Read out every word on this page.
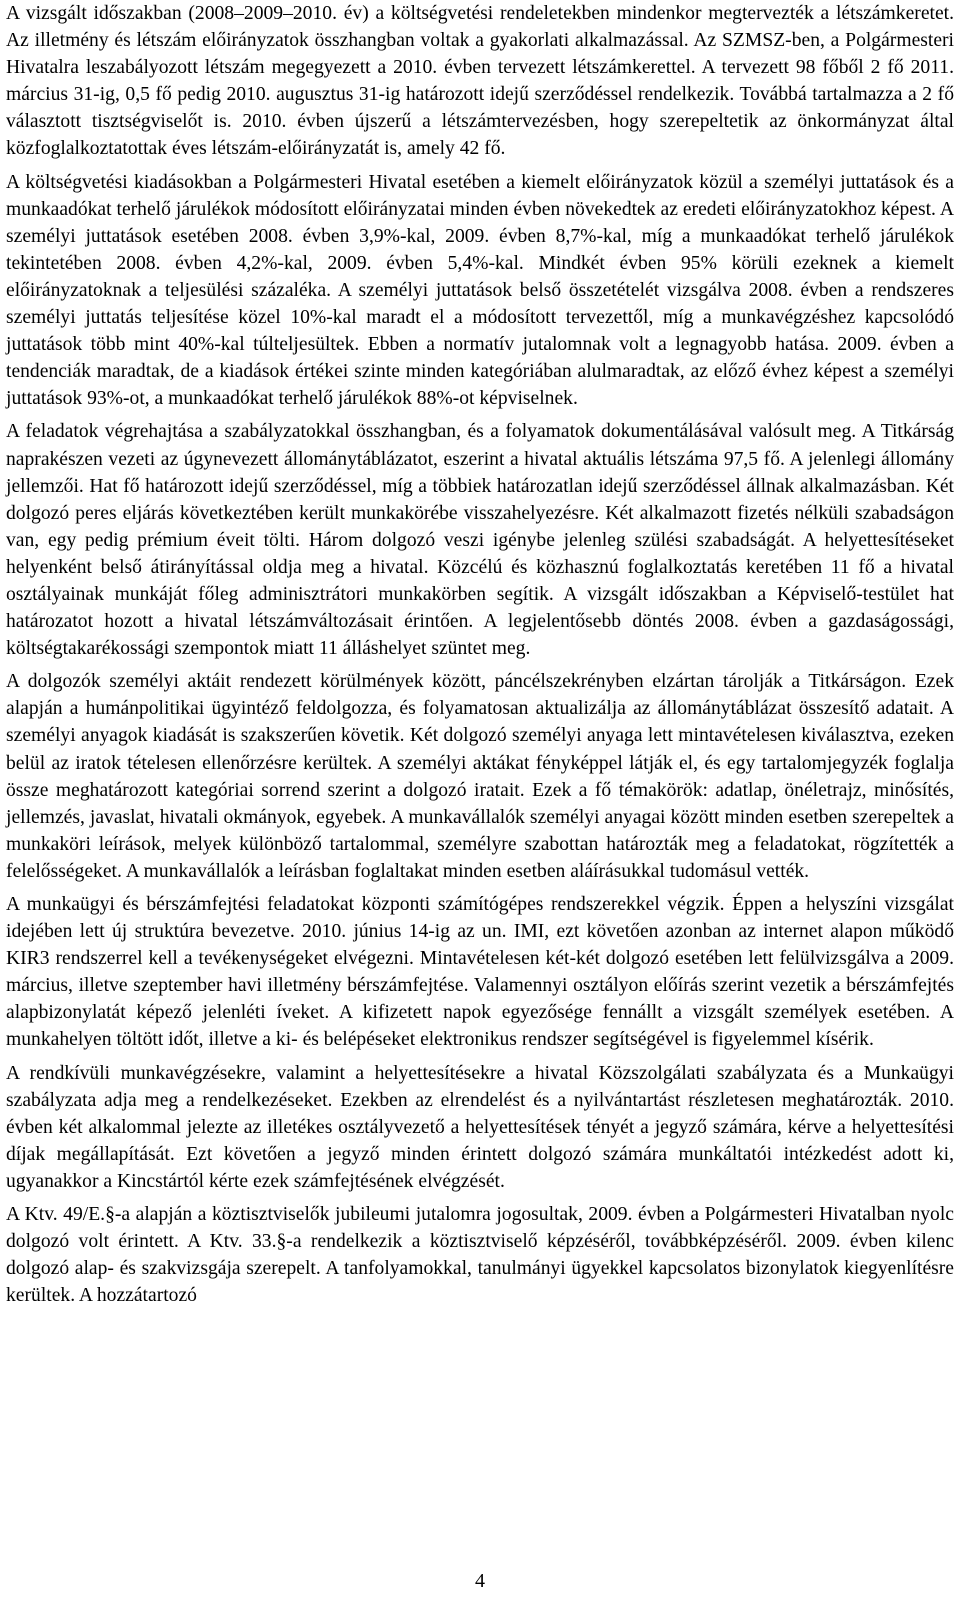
A vizsgált időszakban (2008–2009–2010. év) a költségvetési rendeletekben mindenkor megtervezték a létszámkeretet. Az illetmény és létszám előirányzatok összhangban voltak a gyakorlati alkalmazással. Az SZMSZ-ben, a Polgármesteri Hivatalra leszabályozott létszám megegyezett a 2010. évben tervezett létszámkerettel. A tervezett 98 főből 2 fő 2011. március 31-ig, 0,5 fő pedig 2010. augusztus 31-ig határozott idejű szerződéssel rendelkezik. Továbbá tartalmazza a 2 fő választott tisztségviselőt is. 2010. évben újszerű a létszámtervezésben, hogy szerepeltetik az önkormányzat által közfoglalkoztatottak éves létszám-előirányzatát is, amely 42 fő.

A költségvetési kiadásokban a Polgármesteri Hivatal esetében a kiemelt előirányzatok közül a személyi juttatások és a munkaadókat terhelő járulékok módosított előirányzatai minden évben növekedtek az eredeti előirányzatokhoz képest. A személyi juttatások esetében 2008. évben 3,9%-kal, 2009. évben 8,7%-kal, míg a munkaadókat terhelő járulékok tekintetében 2008. évben 4,2%-kal, 2009. évben 5,4%-kal. Mindkét évben 95% körüli ezeknek a kiemelt előirányzatoknak a teljesülési százaléka. A személyi juttatások belső összetételét vizsgálva 2008. évben a rendszeres személyi juttatás teljesítése közel 10%-kal maradt el a módosított tervezettől, míg a munkavégzéshez kapcsolódó juttatások több mint 40%-kal túlteljesültek. Ebben a normatív jutalomnak volt a legnagyobb hatása. 2009. évben a tendenciák maradtak, de a kiadások értékei szinte minden kategóriában alulmaradtak, az előző évhez képest a személyi juttatások 93%-ot, a munkaadókat terhelő járulékok 88%-ot képviselnek.

A feladatok végrehajtása a szabályzatokkal összhangban, és a folyamatok dokumentálásával valósult meg. A Titkárság naprakészen vezeti az úgynevezett állománytáblázatot, eszerint a hivatal aktuális létszáma 97,5 fő. A jelenlegi állomány jellemzői. Hat fő határozott idejű szerződéssel, míg a többiek határozatlan idejű szerződéssel állnak alkalmazásban. Két dolgozó peres eljárás következtében került munkakörébe visszahelyezésre. Két alkalmazott fizetés nélküli szabadságon van, egy pedig prémium éveit tölti. Három dolgozó veszi igénybe jelenleg szülési szabadságát. A helyettesítéseket helyenként belső átirányítással oldja meg a hivatal. Közcélú és közhasznú foglalkoztatás keretében 11 fő a hivatal osztályainak munkáját főleg adminisztrátori munkakörben segítik. A vizsgált időszakban a Képviselő-testület hat határozatot hozott a hivatal létszámváltozásait érintően. A legjelentősebb döntés 2008. évben a gazdaságossági, költségtakarékossági szempontok miatt 11 álláshelyet szüntet meg.

A dolgozók személyi aktáit rendezett körülmények között, páncélszekrényben elzártan tárolják a Titkárságon. Ezek alapján a humánpolitikai ügyintéző feldolgozza, és folyamatosan aktualizálja az állománytáblázat összesítő adatait. A személyi anyagok kiadását is szakszerűen követik. Két dolgozó személyi anyaga lett mintavételesen kiválasztva, ezeken belül az iratok tételesen ellenőrzésre kerültek. A személyi aktákat fényképpel látják el, és egy tartalomjegyzék foglalja össze meghatározott kategóriai sorrend szerint a dolgozó iratait. Ezek a fő témakörök: adatlap, önéletrajz, minősítés, jellemzés, javaslat, hivatali okmányok, egyebek. A munkavállalók személyi anyagai között minden esetben szerepeltek a munkaköri leírások, melyek különböző tartalommal, személyre szabottan határozták meg a feladatokat, rögzítették a felelősségeket. A munkavállalók a leírásban foglaltakat minden esetben aláírásukkal tudomásul vették.

A munkaügyi és bérszámfejtési feladatokat központi számítógépes rendszerekkel végzik. Éppen a helyszíni vizsgálat idejében lett új struktúra bevezetve. 2010. június 14-ig az un. IMI, ezt követően azonban az internet alapon működő KIR3 rendszerrel kell a tevékenységeket elvégezni. Mintavételesen két-két dolgozó esetében lett felülvizsgálva a 2009. március, illetve szeptember havi illetmény bérszámfejtése. Valamennyi osztályon előírás szerint vezetik a bérszámfejtés alapbizonylatát képező jelenléti íveket. A kifizetett napok egyezősége fennállt a vizsgált személyek esetében. A munkahelyen töltött időt, illetve a ki- és belépéseket elektronikus rendszer segítségével is figyelemmel kísérik.

A rendkívüli munkavégzésekre, valamint a helyettesítésekre a hivatal Közszolgálati szabályzata és a Munkaügyi szabályzata adja meg a rendelkezéseket. Ezekben az elrendelést és a nyilvántartást részletesen meghatározták. 2010. évben két alkalommal jelezte az illetékes osztályvezető a helyettesítések tényét a jegyző számára, kérve a helyettesítési díjak megállapítását. Ezt követően a jegyző minden érintett dolgozó számára munkáltatói intézkedést adott ki, ugyanakkor a Kincstártól kérte ezek számfejtésének elvégzését.

A Ktv. 49/E.§-a alapján a köztisztviselők jubileumi jutalomra jogosultak, 2009. évben a Polgármesteri Hivatalban nyolc dolgozó volt érintett. A Ktv. 33.§-a rendelkezik a köztisztviselő képzéséről, továbbképzéséről. 2009. évben kilenc dolgozó alap- és szakvizsgája szerepelt. A tanfolyamokkal, tanulmányi ügyekkel kapcsolatos bizonylatok kiegyenlítésre kerültek. A hozzátartozó

4
